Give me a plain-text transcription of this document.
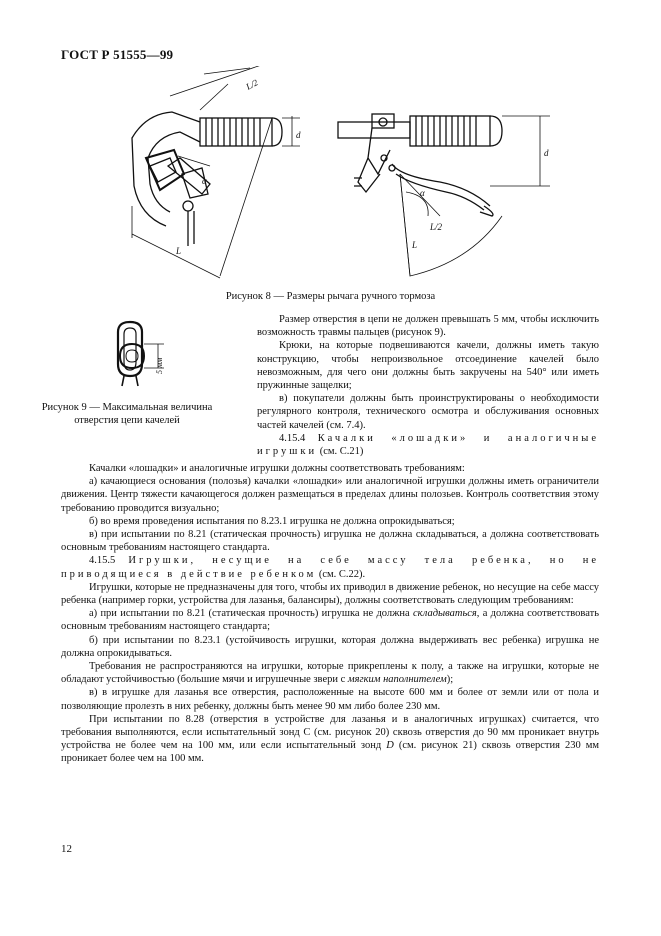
ГОСТ Р 51555—99
L/2
d
α
L
d
α
L/2
L
Рисунок 8 — Размеры рычага ручного тормоза
5 мм
Рисунок 9 — Максимальная величина отверстия цепи качелей

Размер отверстия в цепи не должен превышать 5 мм, чтобы исключить возможность травмы пальцев (рисунок 9).

Крюки, на которые подвешиваются качели, должны иметь такую конструкцию, чтобы непроизвольное отсоединение качелей было невозможным, для чего они должны быть закручены на 540° или иметь пружинные защелки;

в) покупатели должны быть проинструктированы о необходимости регулярного контроля, технического осмотра и обслуживания основных частей качелей (см. 7.4).

4.15.4 Качалки «лошадки» и аналогичные игрушки (см. С.21)

Качалки «лошадки» и аналогичные игрушки должны соответствовать требованиям:

а) качающиеся основания (полозья) качалки «лошадки» или аналогичной игрушки должны иметь ограничители движения. Центр тяжести качающегося должен размещаться в пределах длины полозьев. Контроль соответствия этому требованию проводится визуально;

б) во время проведения испытания по 8.23.1 игрушка не должна опрокидываться;

в) при испытании по 8.21 (статическая прочность) игрушка не должна складываться, а должна соответствовать основным требованиям настоящего стандарта.

4.15.5 Игрушки, несущие на себе массу тела ребенка, но не приводящиеся в действие ребенком (см. С.22).

Игрушки, которые не предназначены для того, чтобы их приводил в движение ребенок, но несущие на себе массу ребенка (например горки, устройства для лазанья, балансиры), должны соответствовать следующим требованиям:

а) при испытании по 8.21 (статическая прочность) игрушка не должна складываться, а должна соответствовать основным требованиям настоящего стандарта;

б) при испытании по 8.23.1 (устойчивость игрушки, которая должна выдерживать вес ребенка) игрушка не должна опрокидываться.

Требования не распространяются на игрушки, которые прикреплены к полу, а также на игрушки, которые не обладают устойчивостью (большие мячи и игрушечные звери с мягким наполнителем);

в) в игрушке для лазанья все отверстия, расположенные на высоте 600 мм и более от земли или от пола и позволяющие пролезть в них ребенку, должны быть менее 90 мм либо более 230 мм.

При испытании по 8.28 (отверстия в устройстве для лазанья и в аналогичных игрушках) считается, что требования выполняются, если испытательный зонд С (см. рисунок 20) сквозь отверстия до 90 мм проникает внутрь устройства не более чем на 100 мм, или если испытательный зонд D (см. рисунок 21) сквозь отверстия 230 мм проникает более чем на 100 мм.

12
